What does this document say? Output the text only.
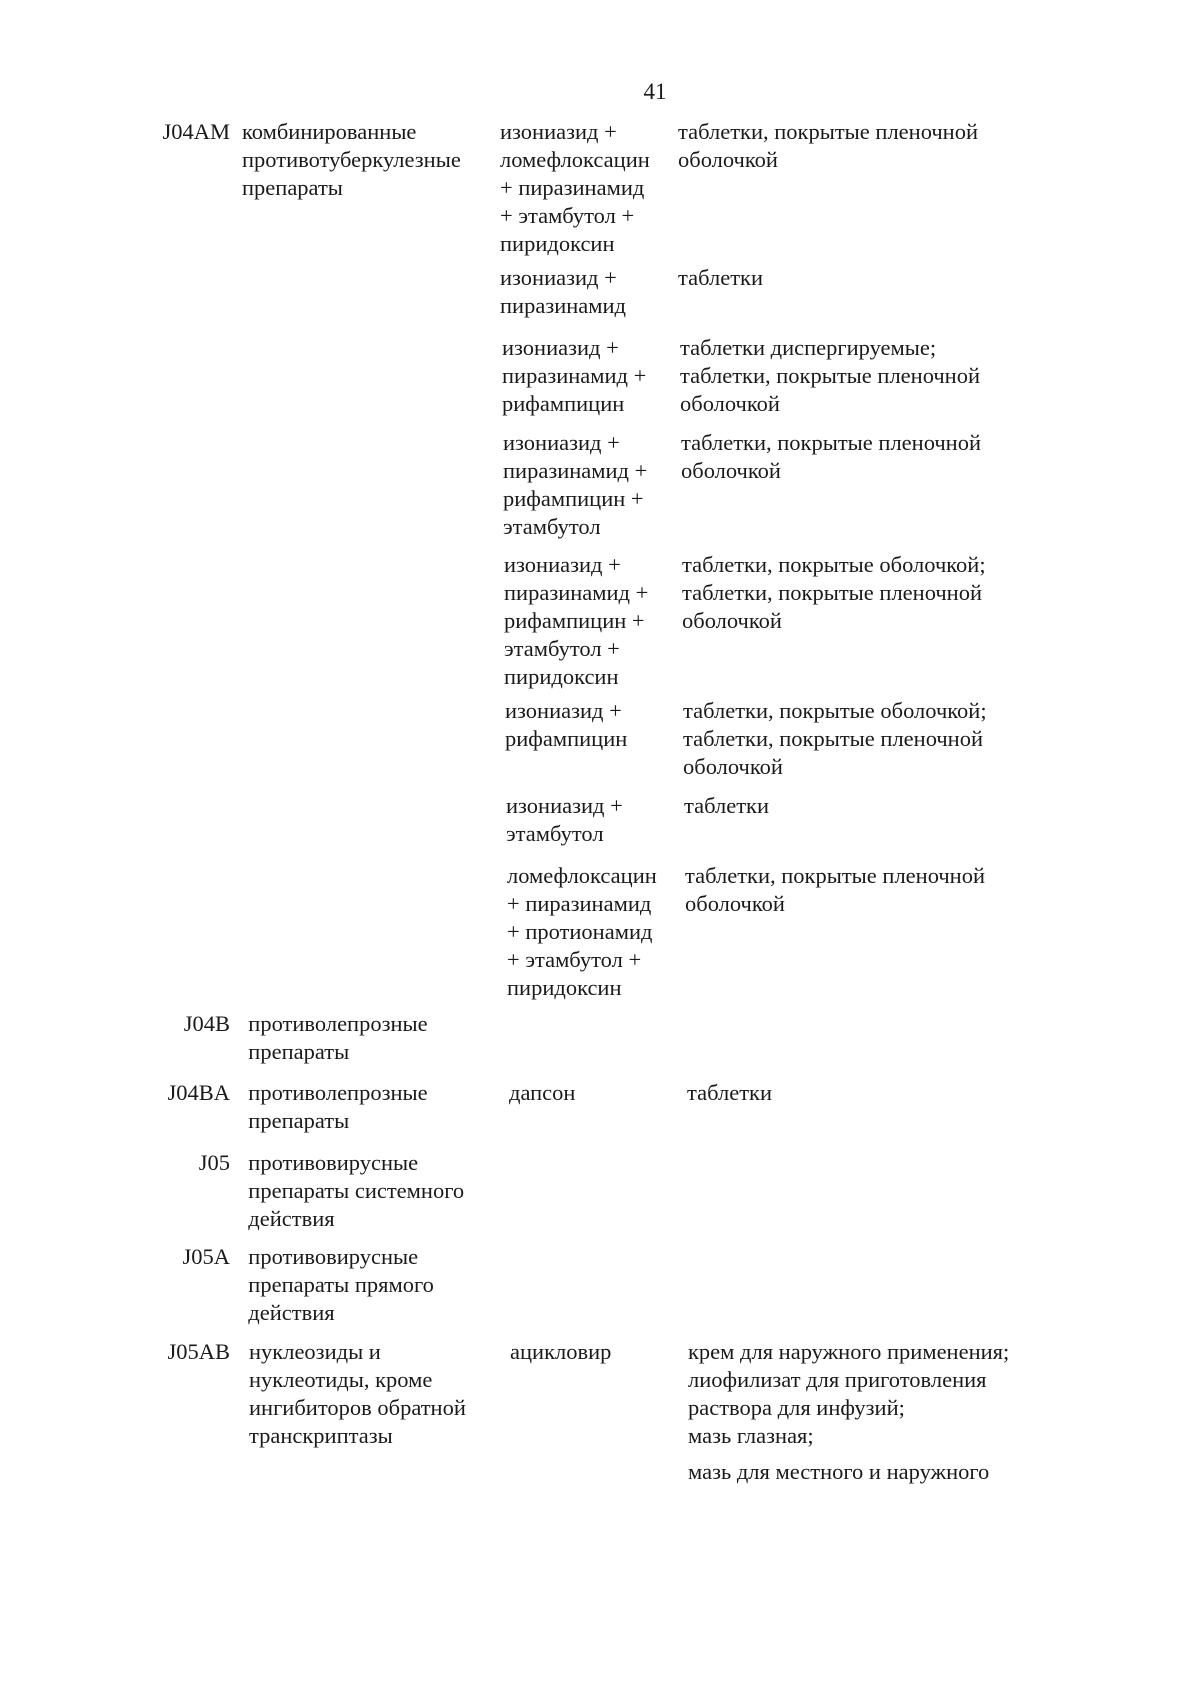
41
J04AM комбинированные
противотуберкулезные
препараты
изониазид +
ломефлоксацин
+ пиразинамид
+ этамбутол +
пиридоксин
таблетки, покрытые пленочной
оболочкой
изониазид +
пиразинамид
таблетки
изониазид +
пиразинамид +
рифампицин
таблетки диспергируемые;
таблетки, покрытые пленочной
оболочкой
изониазид +
пиразинамид +
рифампицин +
этамбутол
таблетки, покрытые пленочной
оболочкой
изониазид +
пиразинамид +
рифампицин +
этамбутол +
пиридоксин
таблетки, покрытые оболочкой;
таблетки, покрытые пленочной
оболочкой
изониазид +
рифампицин
таблетки, покрытые оболочкой;
таблетки, покрытые пленочной
оболочкой
изониазид +
этамбутол
таблетки
ломефлоксацин
+ пиразинамид
+ протионамид
+ этамбутол +
пиридоксин
таблетки, покрытые пленочной
оболочкой
J04B противолепрозные
препараты
J04BA противолепрозные
препараты
дапсон	таблетки
J05 противовирусные
препараты системного
действия
J05A противовирусные
препараты прямого
действия
J05AB нуклеозиды и
нуклеотиды, кроме
ингибиторов обратной
транскриптазы
ацикловир	крем для наружного применения;
лиофилизат для приготовления
раствора для инфузий;
мазь глазная;
мазь для местного и наружного
